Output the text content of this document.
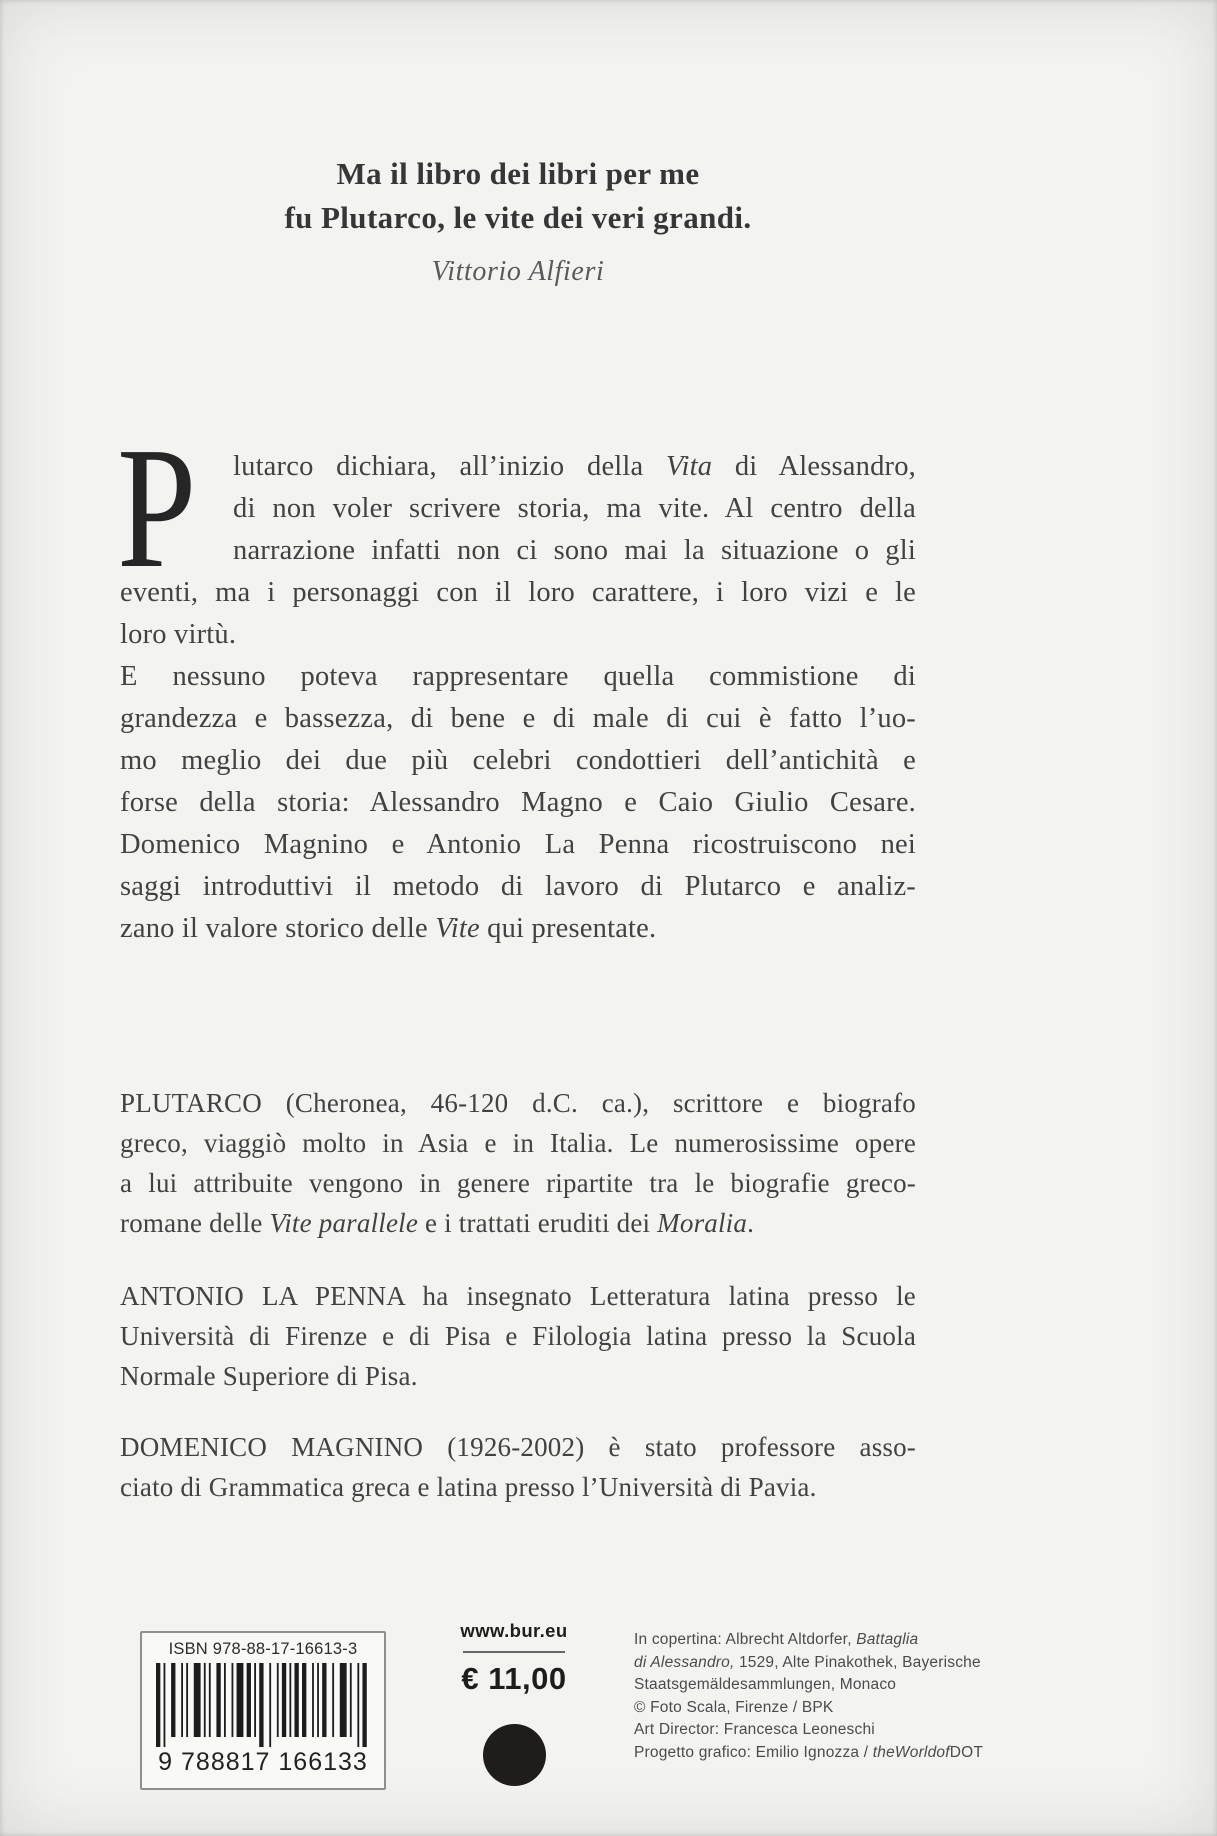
Ma il libro dei libri per me
fu Plutarco, le vite dei veri grandi.
Vittorio Alfieri
P lutarco dichiara, all’inizio della Vita di Alessandro,
di non voler scrivere storia, ma vite. Al centro della
narrazione infatti non ci sono mai la situazione o gli
eventi, ma i personaggi con il loro carattere, i loro vizi e le
loro virtù.
E nessuno poteva rappresentare quella commistione di
grandezza e bassezza, di bene e di male di cui è fatto l’uo-
mo meglio dei due più celebri condottieri dell’antichità e
forse della storia: Alessandro Magno e Caio Giulio Cesare.
Domenico Magnino e Antonio La Penna ricostruiscono nei
saggi introduttivi il metodo di lavoro di Plutarco e analiz-
zano il valore storico delle Vite qui presentate.
PLUTARCO (Cheronea, 46-120 d.C. ca.), scrittore e biografo
greco, viaggiò molto in Asia e in Italia. Le numerosissime opere
a lui attribuite vengono in genere ripartite tra le biografie greco-
romane delle Vite parallele e i trattati eruditi dei Moralia.
ANTONIO LA PENNA ha insegnato Letteratura latina presso le
Università di Firenze e di Pisa e Filologia latina presso la Scuola
Normale Superiore di Pisa.
DOMENICO MAGNINO (1926-2002) è stato professore asso-
ciato di Grammatica greca e latina presso l’Università di Pavia.
ISBN 978-88-17-16613-3
9 788817 166133
www.bur.eu
€ 11,00
In copertina: Albrecht Altdorfer, Battaglia
di Alessandro, 1529, Alte Pinakothek, Bayerische
Staatsgemäldesammlungen, Monaco
© Foto Scala, Firenze / BPK
Art Director: Francesca Leoneschi
Progetto grafico: Emilio Ignozza / theWorldofDOT
